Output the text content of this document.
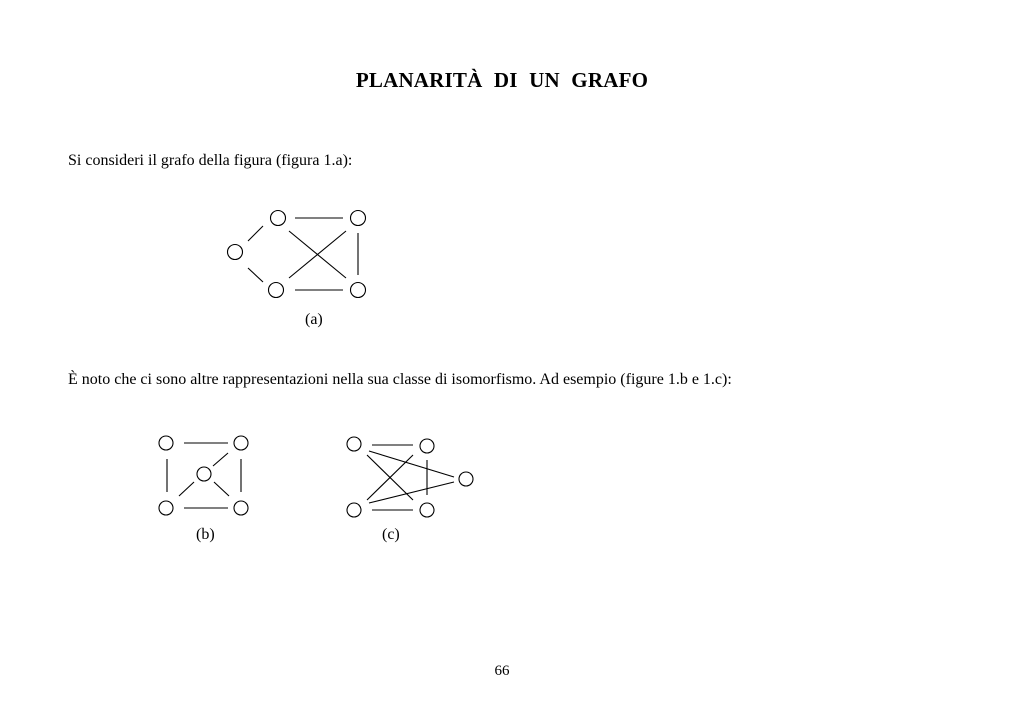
PLANARITÀ DI UN GRAFO
Si consideri il grafo della figura (figura 1.a):
(a)
È noto che ci sono altre rappresentazioni nella sua classe di isomorfismo. Ad esempio (figure 1.b e 1.c):
(b)	(c)
66
